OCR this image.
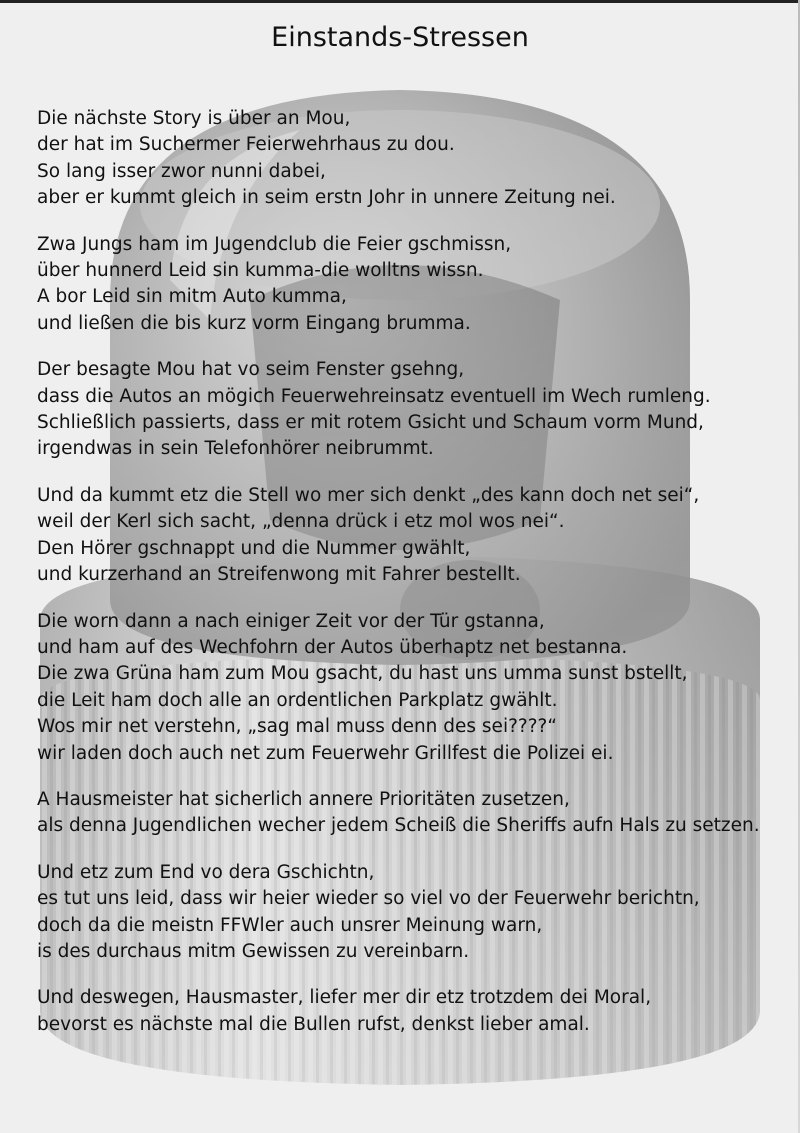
Einstands-Stressen
Die nächste Story is über an Mou,
der hat im Suchermer Feierwehrhaus zu dou.
So lang isser zwor nunni dabei,
aber er kummt gleich in seim erstn Johr in unnere Zeitung nei.
Zwa Jungs ham im Jugendclub die Feier gschmissn,
über hunnerd Leid sin kumma-die wolltns wissn.
A bor Leid sin mitm Auto kumma,
und ließen die bis kurz vorm Eingang brumma.
Der besagte Mou hat vo seim Fenster gsehng,
dass die Autos an mögich Feuerwehreinsatz eventuell im Wech rumleng.
Schließlich passierts, dass er mit rotem Gsicht und Schaum vorm Mund,
irgendwas in sein Telefonhörer neibrummt.
Und da kummt etz die Stell wo mer sich denkt „des kann doch net sei“,
weil der Kerl sich sacht, „denna drück i etz mol wos nei“.
Den Hörer gschnappt und die Nummer gwählt,
und kurzerhand an Streifenwong mit Fahrer bestellt.
Die worn dann a nach einiger Zeit vor der Tür gstanna,
und ham auf des Wechfohrn der Autos überhaptz net bestanna.
Die zwa Grüna ham zum Mou gsacht, du hast uns umma sunst bstellt,
die Leit ham doch alle an ordentlichen Parkplatz gwählt.
Wos mir net verstehn, „sag mal muss denn des sei????“
wir laden doch auch net zum Feuerwehr Grillfest die Polizei ei.
A Hausmeister hat sicherlich annere Prioritäten zusetzen,
als denna Jugendlichen wecher jedem Scheiß die Sheriffs aufn Hals zu setzen.
Und etz zum End vo dera Gschichtn,
es tut uns leid, dass wir heier wieder so viel vo der Feuerwehr berichtn,
doch da die meistn FFWler auch unsrer Meinung warn,
is des durchaus mitm Gewissen zu vereinbarn.
Und deswegen, Hausmaster, liefer mer dir etz trotzdem dei Moral,
bevorst es nächste mal die Bullen rufst, denkst lieber amal.
